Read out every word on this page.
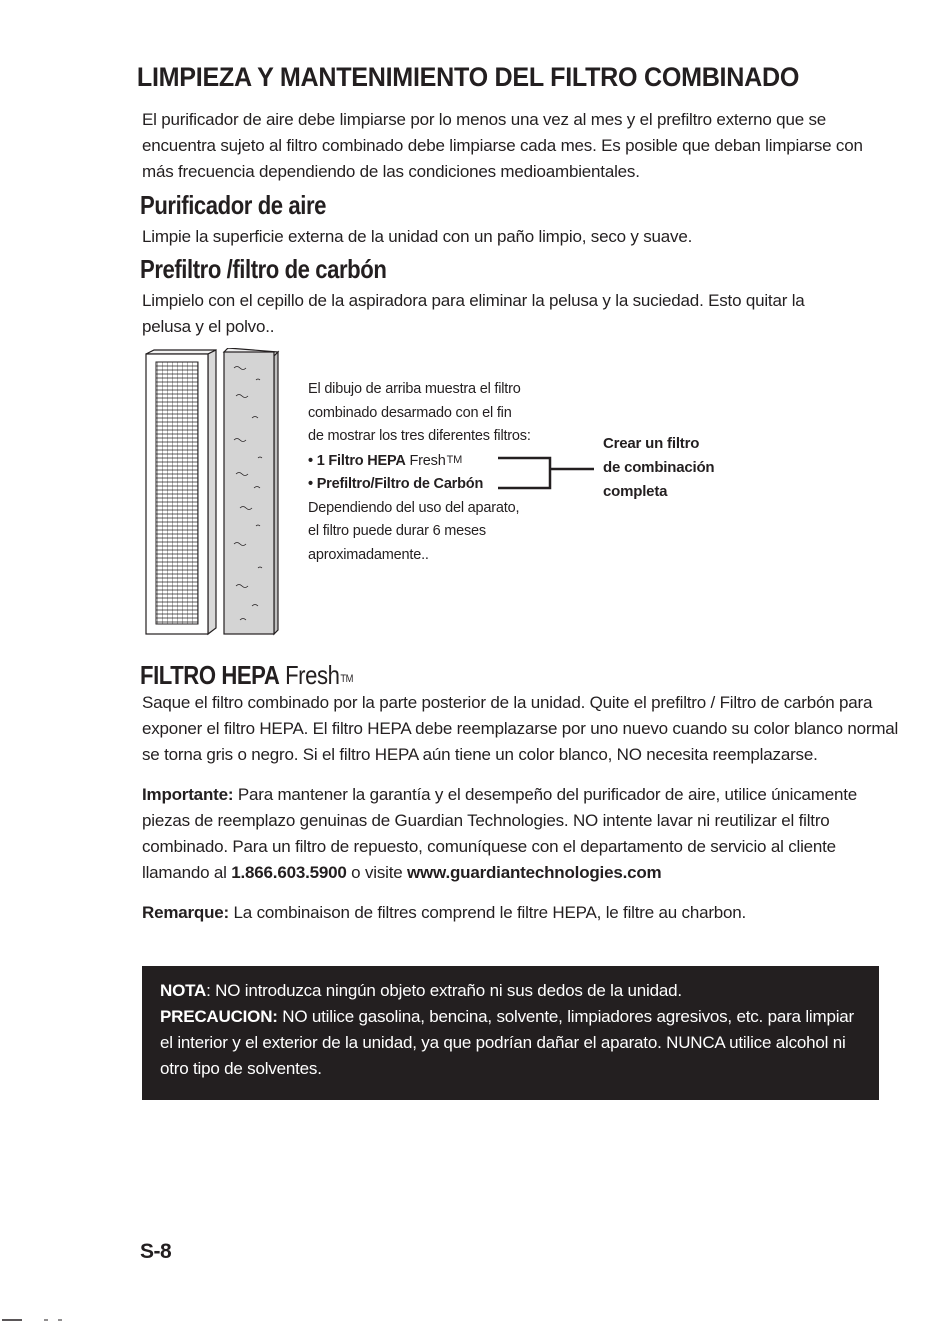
LIMPIEZA Y MANTENIMIENTO DEL FILTRO COMBINADO

El purificador de aire debe limpiarse por lo menos una vez al mes y el prefiltro externo que se encuentra sujeto al filtro combinado debe limpiarse cada mes. Es posible que deban limpiarse con más frecuencia dependiendo de las condiciones medioambientales.

Purificador de aire

Limpie la superficie externa de la unidad con un paño limpio, seco y suave.

Prefiltro /filtro de carbón

Limpielo con el cepillo de la aspiradora para eliminar la pelusa y la suciedad. Esto quitar la pelusa y el polvo..

El dibujo de arriba muestra el filtro

combinado desarmado con el fin

de mostrar los tres diferentes filtros:

• 1 Filtro HEPA FreshTM

• Prefiltro/Filtro de Carbón

Dependiendo del uso del aparato,

el filtro puede durar 6 meses

aproximadamente..

Crear un filtro
de combinación
completa
FILTRO HEPA FreshTM

Saque el filtro combinado por la parte posterior de la unidad. Quite el prefiltro / Filtro de carbón para exponer el filtro HEPA. El filtro HEPA debe reemplazarse por uno nuevo cuando su color blanco normal se torna gris o negro. Si el filtro HEPA aún tiene un color blanco, NO necesita reemplazarse.

Importante: Para mantener la garantía y el desempeño del purificador de aire, utilice únicamente piezas de reemplazo genuinas de Guardian Technologies. NO intente lavar ni reutilizar el filtro combinado. Para un filtro de repuesto, comuníquese con el departamento de servicio al cliente llamando al 1.866.603.5900 o visite www.guardiantechnologies.com

Remarque: La combinaison de filtres comprend le filtre HEPA, le filtre au charbon.

NOTA: NO introduzca ningún objeto extraño ni sus dedos de la unidad.

PRECAUCION: NO utilice gasolina, bencina, solvente, limpiadores agresivos, etc. para limpiar el interior y el exterior de la unidad, ya que podrían dañar el aparato. NUNCA utilice alcohol ni otro tipo de solventes.

S-8
